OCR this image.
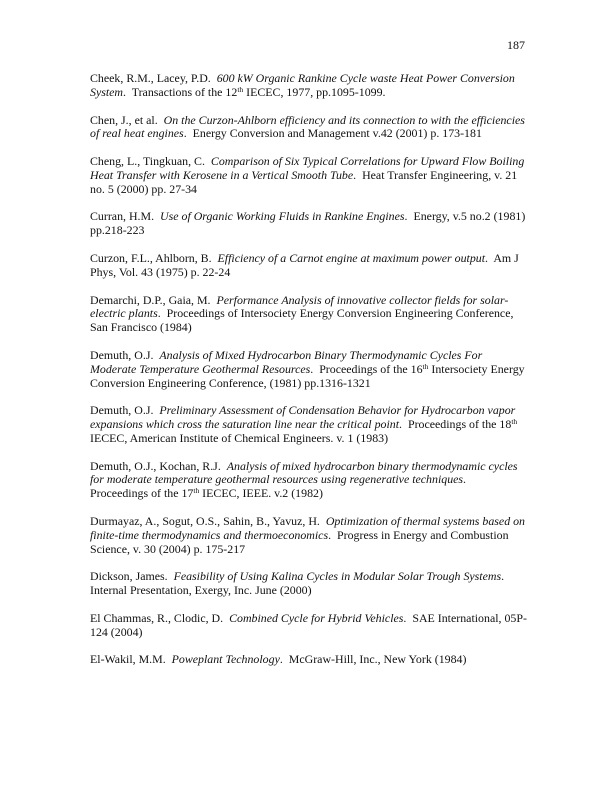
187

Cheek, R.M., Lacey, P.D. 600 kW Organic Rankine Cycle waste Heat Power Conversion System.  Transactions of the 12th IECEC, 1977, pp.1095-1099.

Chen, J., et al. On the Curzon-Ahlborn efficiency and its connection to with the efficiencies of real heat engines.  Energy Conversion and Management v.42 (2001) p. 173-181

Cheng, L., Tingkuan, C. Comparison of Six Typical Correlations for Upward Flow Boiling Heat Transfer with Kerosene in a Vertical Smooth Tube.  Heat Transfer Engineering, v. 21 no. 5 (2000) pp. 27-34

Curran, H.M. Use of Organic Working Fluids in Rankine Engines.  Energy, v.5 no.2 (1981) pp.218-223

Curzon, F.L., Ahlborn, B. Efficiency of a Carnot engine at maximum power output.  Am J Phys, Vol. 43 (1975) p. 22-24

Demarchi, D.P., Gaia, M. Performance Analysis of innovative collector fields for solar-electric plants.  Proceedings of Intersociety Energy Conversion Engineering Conference, San Francisco (1984)

Demuth, O.J. Analysis of Mixed Hydrocarbon Binary Thermodynamic Cycles For Moderate Temperature Geothermal Resources.  Proceedings of the 16th Intersociety Energy Conversion Engineering Conference, (1981) pp.1316-1321

Demuth, O.J. Preliminary Assessment of Condensation Behavior for Hydrocarbon vapor expansions which cross the saturation line near the critical point.  Proceedings of the 18th IECEC, American Institute of Chemical Engineers. v. 1 (1983)

Demuth, O.J., Kochan, R.J. Analysis of mixed hydrocarbon binary thermodynamic cycles for moderate temperature geothermal resources using regenerative techniques.  Proceedings of the 17th IECEC, IEEE. v.2 (1982)

Durmayaz, A., Sogut, O.S., Sahin, B., Yavuz, H. Optimization of thermal systems based on finite-time thermodynamics and thermoeconomics.  Progress in Energy and Combustion Science, v. 30 (2004) p. 175-217

Dickson, James. Feasibility of Using Kalina Cycles in Modular Solar Trough Systems.  Internal Presentation, Exergy, Inc. June (2000)

El Chammas, R., Clodic, D. Combined Cycle for Hybrid Vehicles.  SAE International, 05P-124 (2004)

El-Wakil, M.M. Poweplant Technology.  McGraw-Hill, Inc., New York (1984)
